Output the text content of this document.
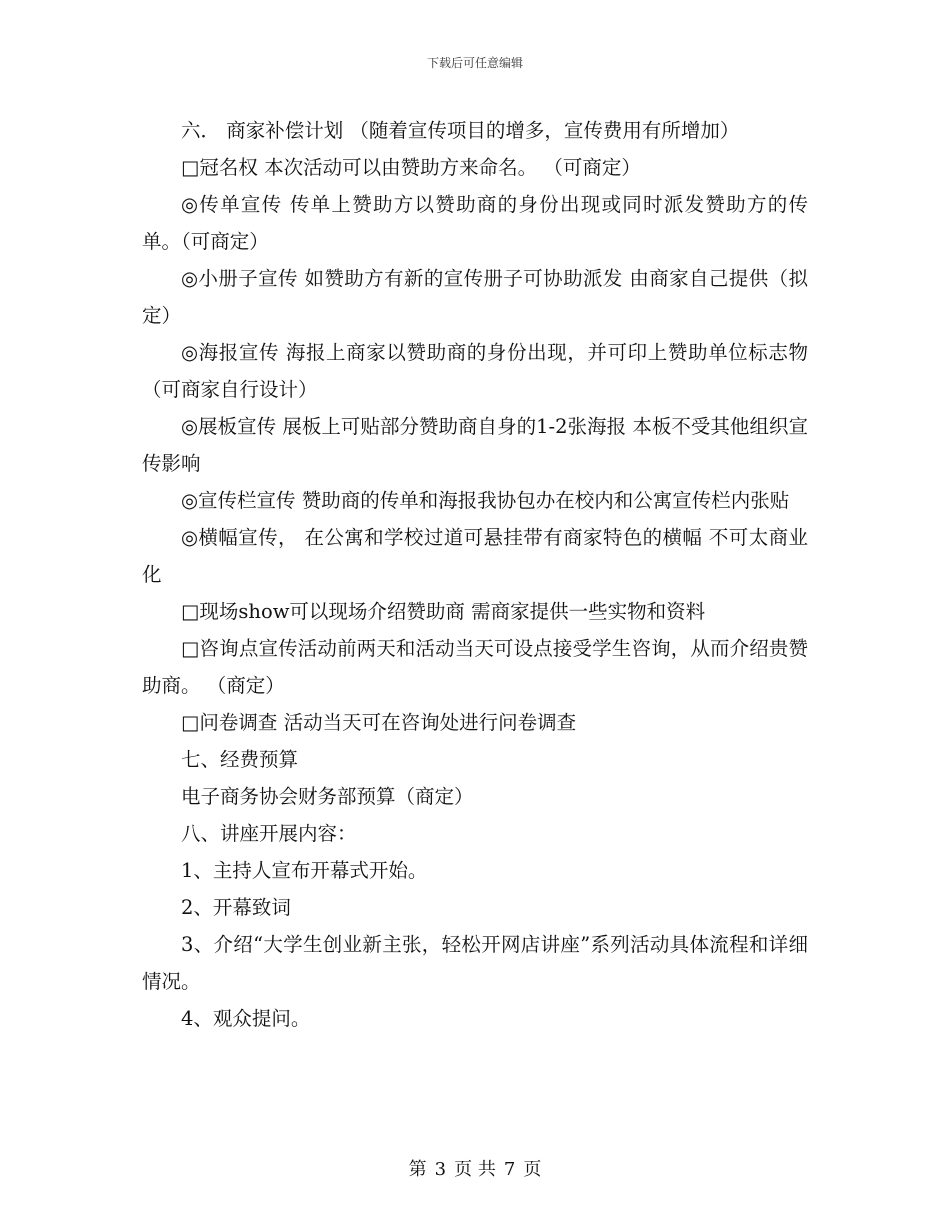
下载后可任意编辑

六． 商家补偿计划 （随着宣传项目的增多，宣传费用有所增加）

□冠名权 本次活动可以由赞助方来命名。 （可商定）

◎传单宣传 传单上赞助方以赞助商的身份出现或同时派发赞助方的传单。（可商定）

◎小册子宣传 如赞助方有新的宣传册子可协助派发 由商家自己提供（拟定）

◎海报宣传 海报上商家以赞助商的身份出现，并可印上赞助单位标志物 （可商家自行设计）

◎展板宣传 展板上可贴部分赞助商自身的1-2张海报 本板不受其他组织宣传影响

◎宣传栏宣传 赞助商的传单和海报我协包办在校内和公寓宣传栏内张贴

◎横幅宣传， 在公寓和学校过道可悬挂带有商家特色的横幅 不可太商业化

□现场show可以现场介绍赞助商 需商家提供一些实物和资料

□咨询点宣传活动前两天和活动当天可设点接受学生咨询，从而介绍贵赞助商。 （商定）

□问卷调查 活动当天可在咨询处进行问卷调查

七、经费预算

电子商务协会财务部预算（商定）

八、讲座开展内容：

1、主持人宣布开幕式开始。

2、开幕致词

3、介绍“大学生创业新主张，轻松开网店讲座”系列活动具体流程和详细情况。

4、观众提问。

第 3 页 共 7 页
